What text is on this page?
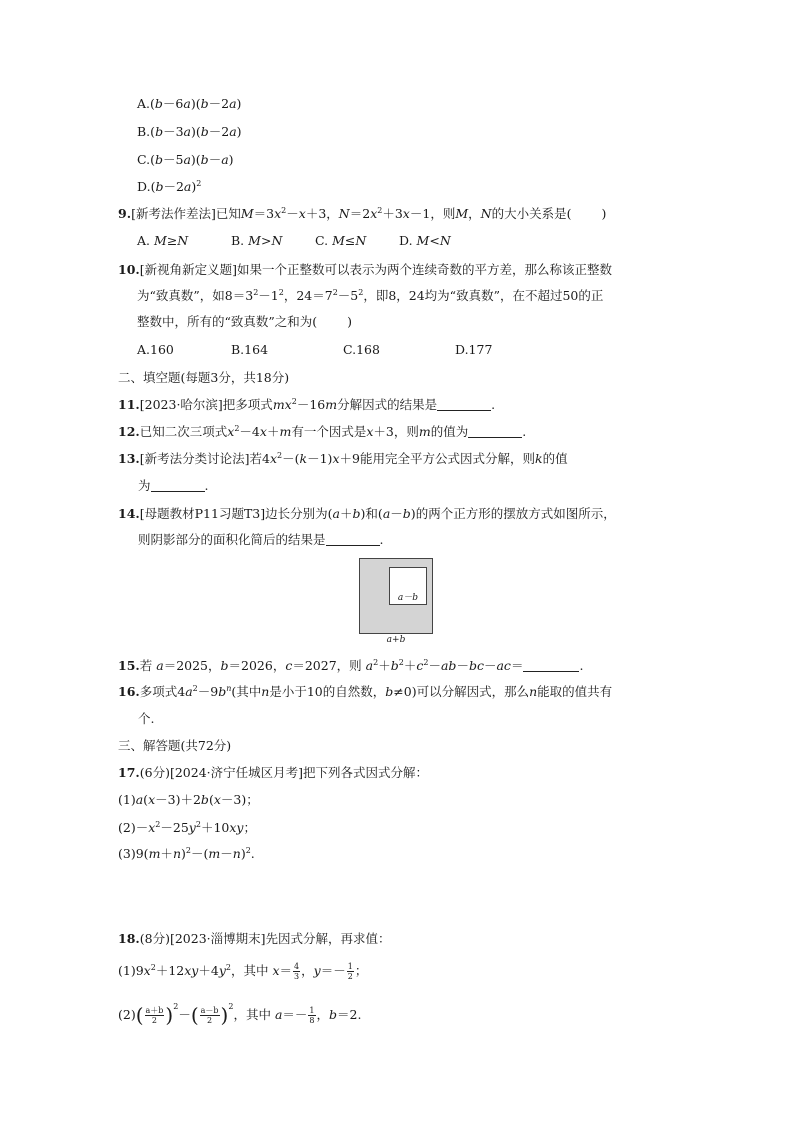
A.(b－6a)(b－2a)
B.(b－3a)(b－2a)
C.(b－5a)(b－a)
$D.(b-2a)^2$
9.[新考法作差法]已知$M=3x^2-x+3$，$N=2x^2+3x-1$，则M，N的大小关系是( )
A. M≥N	B. M>N	C. M≤N	D. M<N
10.[新视角新定义题]如果一个正整数可以表示为两个连续奇数的平方差，那么称该正整数
为“致真数”，如$8=3^2-1^2$，$24=7^2-5^2$，即8，24均为“致真数”，在不超过50的正
整数中，所有的“致真数”之和为( )
A.160	B.164	C.168	D.177
二、填空题(每题3分，共18分)
11.[2023·哈尔滨]把多项式$mx^2-16m$分解因式的结果是	.
12.已知二次三项式$x^2-4x+m$有一个因式是x＋3，则m的值为	.
13.[新考法分类讨论法]若$4x^2-(k-1)x+9$能用完全平方公式因式分解，则k的值
为	.
14.[母题教材P11习题T3]边长分别为(a＋b)和(a－b)的两个正方形的摆放方式如图所示，
则阴影部分的面积化简后的结果是	.
a－b
a+b
15.若 a＝2025，b＝2026，c＝2027，则 $a^2+b^2+c^2-ab-bc-ac=$	.
16.多项式$4a^2-9b^n$(其中n是小于10的自然数，b≠0)可以分解因式，那么n能取的值共有
个.
三、解答题(共72分)
17.(6分)[2024·济宁任城区月考]把下列各式因式分解：
(1)a(x－3)＋2b(x－3)；
$(2)-x^2-25y^2+10xy$；
$(3)9(m+n)^2-(m-n)^2$.
18.(8分)[2023·淄博期末]先因式分解，再求值：
$(1)9x^2+12xy+4y^2$，其中 $x= \frac{4}{3}$ ，$y=- \frac{1}{2}$ ；
$(2)( \frac{a+b}{2} )^2-( \frac{a-b}{2} )^2$，其中 $a=- \frac{1}{8}$ ，b＝2.
